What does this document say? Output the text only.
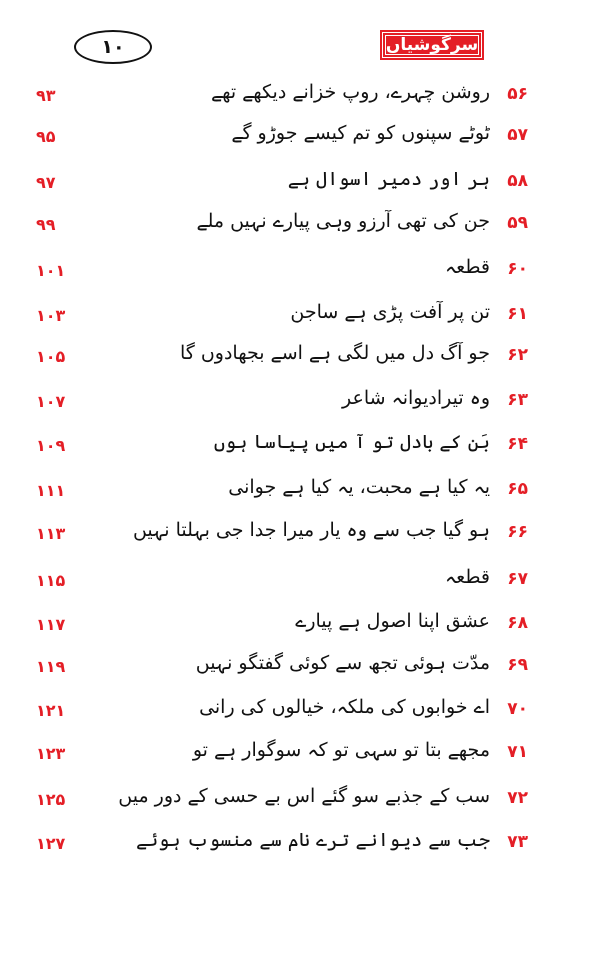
۱۰	سرگوشیاں
۵۶
روشن چہرے، روپ خزانے دیکھے تھے
۹۳
۵۷
ٹوٹے سپنوں کو تم کیسے جوڑو گے
۹۵
۵۸
ہر اور دمیر اسوال ہے
۹۷
۵۹
جن کی تھی آرزو وہی پیارے نہیں ملے
۹۹
۶۰
قطعہ
۱۰۱
۶۱
تن پر آفت پڑی ہے ساجن
۱۰۳
۶۲
جو آگ دل میں لگی ہے اسے بجھادوں گا
۱۰۵
۶۳
وہ تیرادیوانہ شاعر
۱۰۷
۶۴
بَن کے بادل تو آ میں پیاسا ہوں
۱۰۹
۶۵
یہ کیا ہے محبت، یہ کیا ہے جوانی
۱۱۱
۶۶
ہو گیا جب سے وہ یار میرا جدا جی بہلتا نہیں
۱۱۳
۶۷
قطعہ
۱۱۵
۶۸
عشق اپنا اصول ہے پیارے
۱۱۷
۶۹
مدّت ہوئی تجھ سے کوئی گفتگو نہیں
۱۱۹
۷۰
اے خوابوں کی ملکہ، خیالوں کی رانی
۱۲۱
۷۱
مجھے بتا تو سہی تو کہ سوگوار ہے تو
۱۲۳
۷۲
سب کے جذبے سو گئے اس بے حسی کے دور میں
۱۲۵
۷۳
جب سے دیوانے ترے نام سے منسوب ہوئے
۱۲۷
